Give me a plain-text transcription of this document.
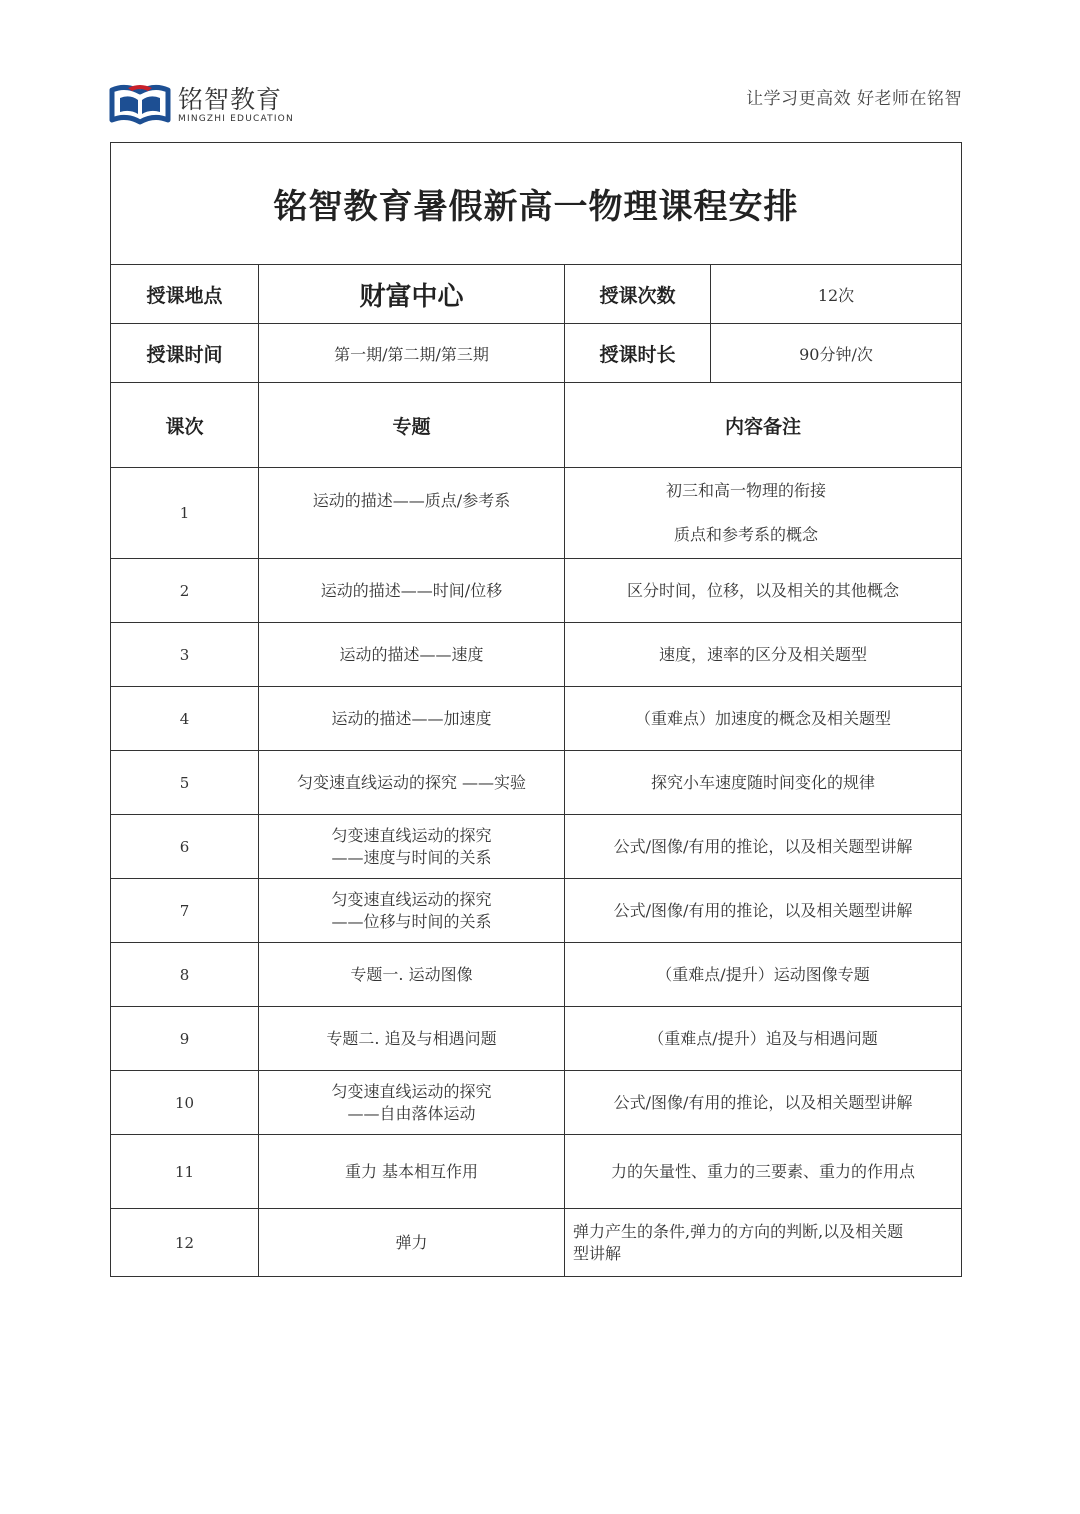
铭智教育
MINGZHI EDUCATION
让学习更高效 好老师在铭智
铭智教育暑假新高一物理课程安排			
授课地点	财富中心	授课次数	12次
授课时间	第一期/第二期/第三期	授课时长	90分钟/次
课次	专题	内容备注	
1	运动的描述——质点/参考系	初三和高一物理的衔接
质点和参考系的概念	

2	运动的描述——时间/位移	区分时间，位移，以及相关的其他概念	

3	运动的描述——速度	速度，速率的区分及相关题型	

4	运动的描述——加速度	（重难点）加速度的概念及相关题型	

5	匀变速直线运动的探究 ——实验	探究小车速度随时间变化的规律	

6	匀变速直线运动的探究
——速度与时间的关系	公式/图像/有用的推论，以及相关题型讲解	

7	匀变速直线运动的探究
——位移与时间的关系	公式/图像/有用的推论，以及相关题型讲解	

8	专题一. 运动图像	（重难点/提升）运动图像专题	

9	专题二. 追及与相遇问题	（重难点/提升）追及与相遇问题	

10	匀变速直线运动的探究
——自由落体运动	公式/图像/有用的推论，以及相关题型讲解	

11	重力 基本相互作用	力的矢量性、重力的三要素、重力的作用点	

12	弹力	弹力产生的条件,弹力的方向的判断,以及相关题
型讲解	
